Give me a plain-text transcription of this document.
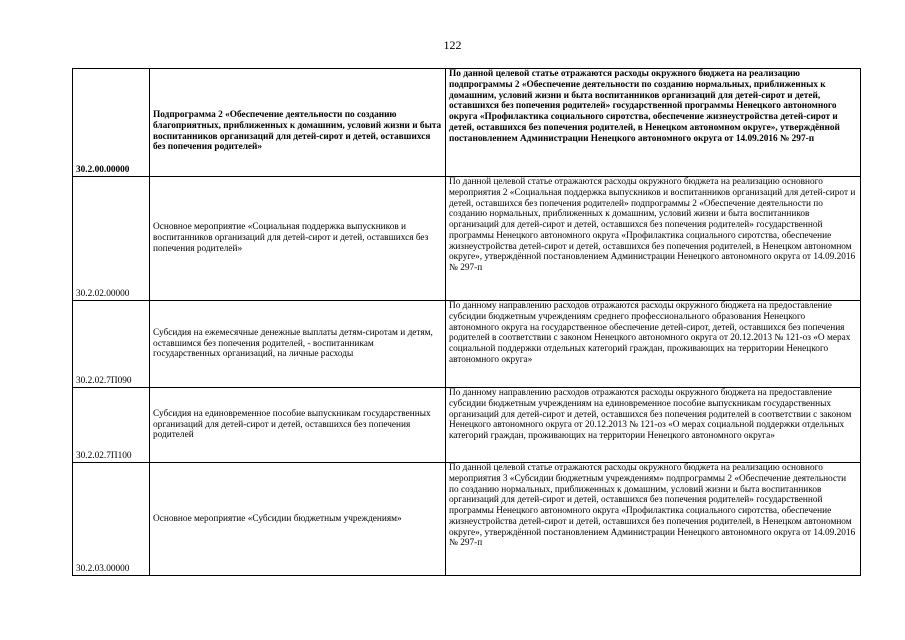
122
30.2.00.00000	Подпрограмма 2 «Обеспечение деятельности по созданию благоприятных, приближенных к домашним, условий жизни и быта воспитанников организаций для детей-сирот и детей, оставшихся без попечения родителей»	По данной целевой статье отражаются расходы окружного бюджета на реализацию подпрограммы 2 «Обеспечение деятельности по созданию нормальных, приближенных к домашним, условий жизни и быта воспитанников организаций для детей-сирот и детей, оставшихся без попечения родителей» государственной программы Ненецкого автономного округа «Профилактика социального сиротства, обеспечение жизнеустройства детей-сирот и детей, оставшихся без попечения родителей, в Ненецком автономном округе», утверждённой постановлением Администрации Ненецкого автономного округа от 14.09.2016 № 297-п
30.2.02.00000	Основное мероприятие «Социальная поддержка выпускников и воспитанников организаций для детей-сирот и детей, оставшихся без попечения родителей»	По данной целевой статье отражаются расходы окружного бюджета на реализацию основного мероприятия 2 «Социальная поддержка выпускников и воспитанников организаций для детей-сирот и детей, оставшихся без попечения родителей» подпрограммы 2 «Обеспечение деятельности по созданию нормальных, приближенных к домашним, условий жизни и быта воспитанников организаций для детей-сирот и детей, оставшихся без попечения родителей» государственной программы Ненецкого автономного округа «Профилактика социального сиротства, обеспечение жизнеустройства детей-сирот и детей, оставшихся без попечения родителей, в Ненецком автономном округе», утверждённой постановлением Администрации Ненецкого автономного округа от 14.09.2016 № 297-п
30.2.02.7П090	Субсидия на ежемесячные денежные выплаты детям-сиротам и детям, оставшимся без попечения родителей, - воспитанникам государственных организаций, на личные расходы	По данному направлению расходов отражаются расходы окружного бюджета на предоставление субсидии бюджетным учреждениям среднего профессионального образования Ненецкого автономного округа на государственное обеспечение детей-сирот, детей, оставшихся без попечения родителей в соответствии с законом Ненецкого автономного округа от 20.12.2013 № 121-оз «О мерах социальной поддержки отдельных категорий граждан, проживающих на территории Ненецкого автономного округа»
30.2.02.7П100	Субсидия на единовременное пособие выпускникам государственных организаций для детей-сирот и детей, оставшихся без попечения родителей	По данному направлению расходов отражаются расходы окружного бюджета на предоставление субсидии бюджетным учреждениям на единовременное пособие выпускникам государственных организаций для детей-сирот и детей, оставшихся без попечения родителей в соответствии с законом Ненецкого автономного округа от 20.12.2013 № 121-оз «О мерах социальной поддержки отдельных категорий граждан, проживающих на территории Ненецкого автономного округа»
30.2.03.00000	Основное мероприятие «Субсидии бюджетным учреждениям»	По данной целевой статье отражаются расходы окружного бюджета на реализацию основного мероприятия 3 «Субсидии бюджетным учреждениям» подпрограммы 2 «Обеспечение деятельности по созданию нормальных, приближенных к домашним, условий жизни и быта воспитанников организаций для детей-сирот и детей, оставшихся без попечения родителей» государственной программы Ненецкого автономного округа «Профилактика социального сиротства, обеспечение жизнеустройства детей-сирот и детей, оставшихся без попечения родителей, в Ненецком автономном округе», утверждённой постановлением Администрации Ненецкого автономного округа от 14.09.2016 № 297-п
